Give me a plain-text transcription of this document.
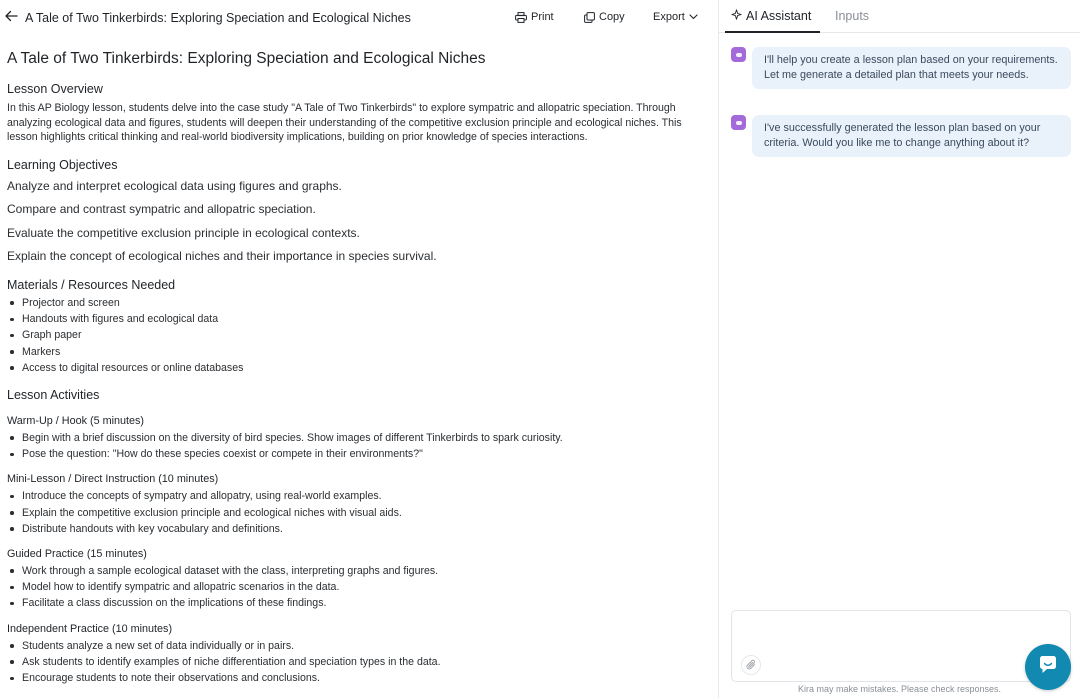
A Tale of Two Tinkerbirds: Exploring Speciation and Ecological Niches	Print	Copy	Export
A Tale of Two Tinkerbirds: Exploring Speciation and Ecological Niches
Lesson Overview

In this AP Biology lesson, students delve into the case study "A Tale of Two Tinkerbirds" to explore sympatric and allopatric speciation. Through analyzing ecological data and figures, students will deepen their understanding of the competitive exclusion principle and ecological niches. This lesson highlights critical thinking and real-world biodiversity implications, building on prior knowledge of species interactions.

Learning Objectives

Analyze and interpret ecological data using figures and graphs.

Compare and contrast sympatric and allopatric speciation.

Evaluate the competitive exclusion principle in ecological contexts.

Explain the concept of ecological niches and their importance in species survival.

Materials / Resources Needed
Projector and screen
Handouts with figures and ecological data
Graph paper
Markers
Access to digital resources or online databases
Lesson Activities
Warm-Up / Hook (5 minutes)
Begin with a brief discussion on the diversity of bird species. Show images of different Tinkerbirds to spark curiosity.
Pose the question: "How do these species coexist or compete in their environments?"
Mini-Lesson / Direct Instruction (10 minutes)
Introduce the concepts of sympatry and allopatry, using real-world examples.
Explain the competitive exclusion principle and ecological niches with visual aids.
Distribute handouts with key vocabulary and definitions.
Guided Practice (15 minutes)
Work through a sample ecological dataset with the class, interpreting graphs and figures.
Model how to identify sympatric and allopatric scenarios in the data.
Facilitate a class discussion on the implications of these findings.
Independent Practice (10 minutes)
Students analyze a new set of data individually or in pairs.
Ask students to identify examples of niche differentiation and speciation types in the data.
Encourage students to note their observations and conclusions.
AI Assistant Inputs
I'll help you create a lesson plan based on your requirements. Let me generate a detailed plan that meets your needs.
I've successfully generated the lesson plan based on your criteria. Would you like me to change anything about it?
Kira may make mistakes. Please check responses.
